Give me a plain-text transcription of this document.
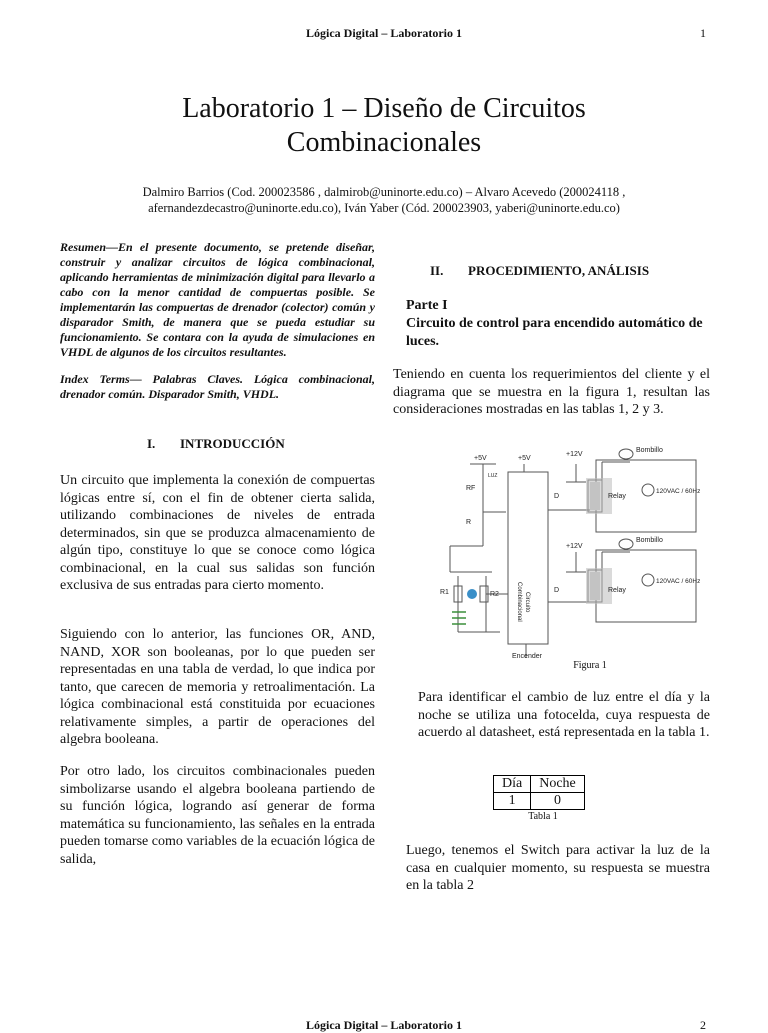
Lógica Digital – Laboratorio 1	1
Laboratorio 1 – Diseño de Circuitos
Combinacionales
Dalmiro Barrios (Cod. 200023586 , dalmirob@uninorte.edu.co) – Alvaro Acevedo (200024118 ,
afernandezdecastro@uninorte.edu.co), Iván Yaber (Cód. 200023903, yaberi@uninorte.edu.co)

Resumen—En el presente documento, se pretende diseñar, construir y analizar circuitos de lógica combinacional, aplicando herramientas de minimización digital para llevarlo a cabo con la menor cantidad de compuertas posible. Se implementarán las compuertas de drenador (colector) común y disparador Smith, de manera que se pueda estudiar su funcionamiento. Se contara con la ayuda de simulaciones en VHDL de algunos de los circuitos resultantes.

Index Terms— Palabras Claves. Lógica combinacional, drenador común. Disparador Smith, VHDL.

I. INTRODUCCIÓN

Un circuito que implementa la conexión de compuertas lógicas entre sí, con el fin de obtener cierta salida, utilizando combinaciones de niveles de entrada determinados, sin que se produzca almacenamiento de algún tipo, constituye lo que se conoce como lógica combinacional, en la cual sus salidas son función exclusiva de sus entradas para cierto momento.

Siguiendo con lo anterior, las funciones OR, AND, NAND, XOR son booleanas, por lo que pueden ser representadas en una tabla de verdad, lo que indica por tanto, que carecen de memoria y retroalimentación. La lógica combinacional está constituida por ecuaciones relativamente simples, a partir de operaciones del algebra booleana.

Por otro lado, los circuitos combinacionales pueden simbolizarse usando el algebra booleana partiendo de su función lógica, logrando así generar de forma matemática su funcionamiento, las señales en la entrada pueden tomarse como variables de la ecuación lógica de salida,

II. PROCEDIMIENTO, ANÁLISIS
Parte I
Circuito de control para encendido automático de luces.

Teniendo en cuenta los requerimientos del cliente y el diagrama que se muestra en la figura 1, resultan las consideraciones mostradas en las tablas 1, 2 y 3.

+5V	+5V
+12V
+12V
LUZ
RF
R
R1	R2
D
D
Relay
Relay
Bombillo
Bombillo
120VAC / 60Hz
120VAC / 60Hz
Encender
Circuito
Combinacional
Figura 1

Para identificar el cambio de luz entre el día y la noche se utiliza una fotocelda, cuya respuesta de acuerdo al datasheet, está representada en la tabla 1.

Día	Noche
1	0
Tabla 1

Luego, tenemos el Switch para activar la luz de la casa en cualquier momento, su respuesta se muestra en la tabla 2

Lógica Digital – Laboratorio 1	2
